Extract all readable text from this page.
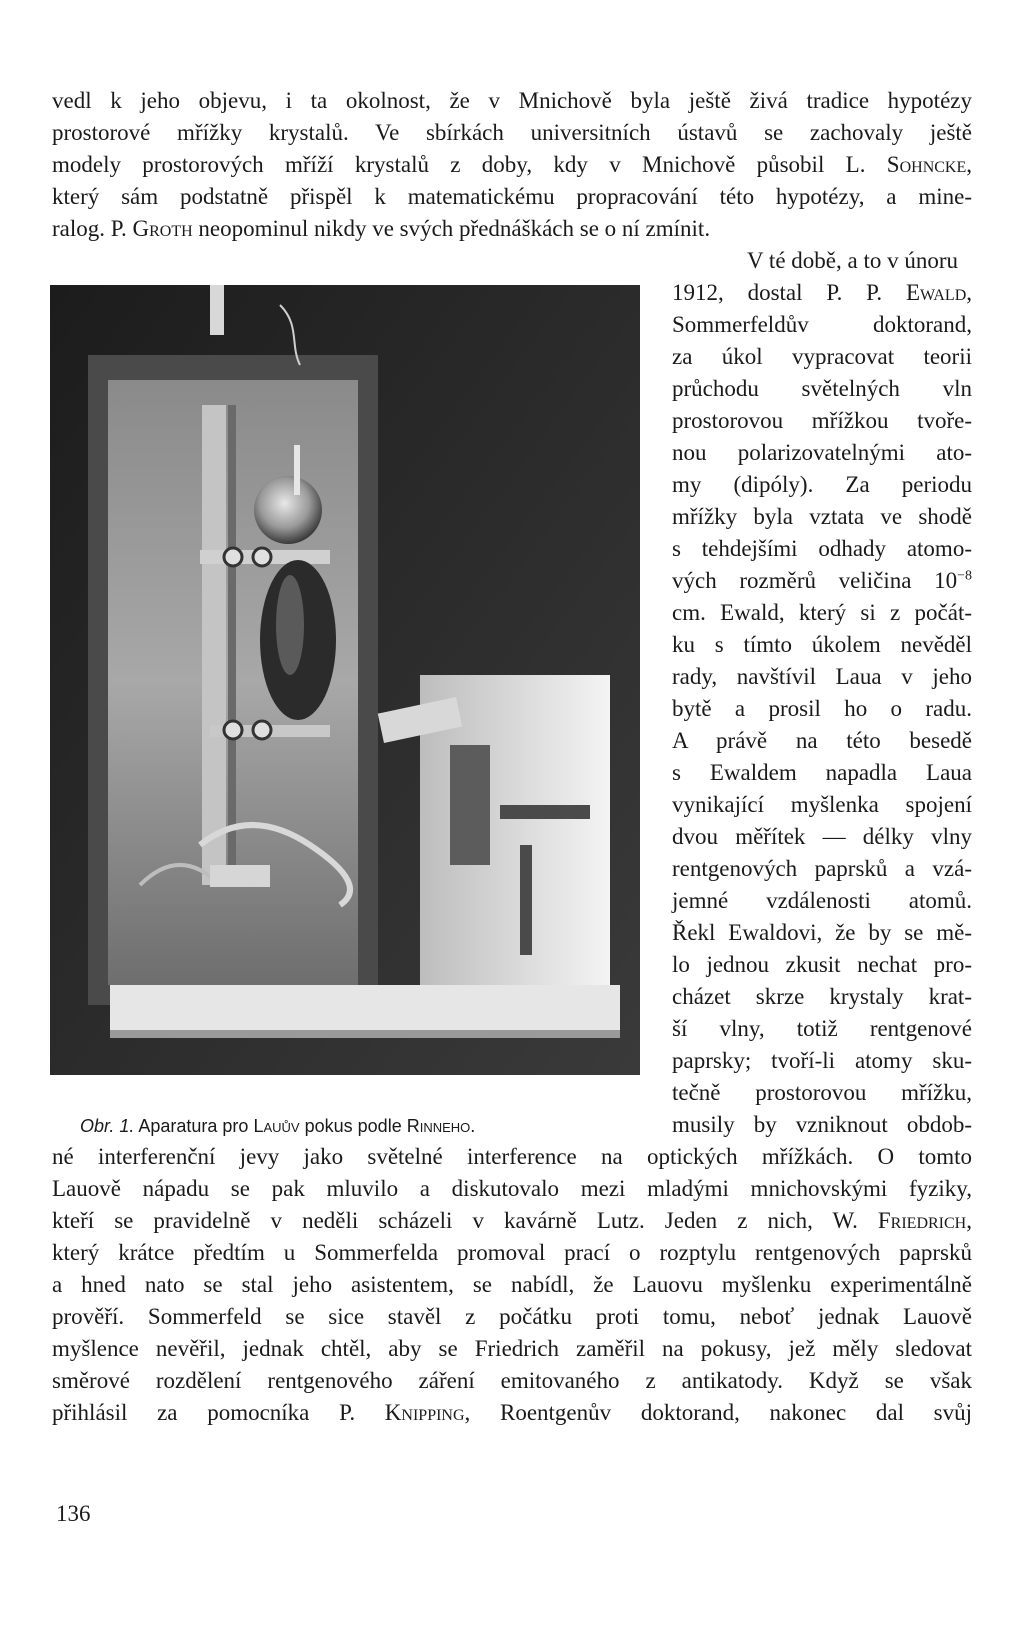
vedl k jeho objevu, i ta okolnost, že v Mnichově byla ještě živá tradice hypotézy
prostorové mřížky krystalů. Ve sbírkách universitních ústavů se zachovaly ještě
modely prostorových mříží krystalů z doby, kdy v Mnichově působil L. Sohncke,
který sám podstatně přispěl k matematickému propracování této hypotézy, a mine-
ralog. P. Groth neopominul nikdy ve svých přednáškách se o ní zmínit.
V té době, a to v únoru
1912, dostal P. P. Ewald,
Sommerfeldův doktorand,
za úkol vypracovat teorii
průchodu světelných vln
prostorovou mřížkou tvoře-
nou polarizovatelnými ato-
my (dipóly). Za periodu
mřížky byla vztata ve shodě
s tehdejšími odhady atomo-
vých rozměrů veličina $10^{-8}$
cm. Ewald, který si z počát-
ku s tímto úkolem nevěděl
rady, navštívil Laua v jeho
bytě a prosil ho o radu.
A právě na této besedě
s Ewaldem napadla Laua
vynikající myšlenka spojení
dvou měřítek — délky vlny
rentgenových paprsků a vzá-
jemné vzdálenosti atomů.
Řekl Ewaldovi, že by se mě-
lo jednou zkusit nechat pro-
cházet skrze krystaly krat-
ší vlny, totiž rentgenové
paprsky; tvoří-li atomy sku-
tečně prostorovou mřížku,
musily by vzniknout obdob-
Obr. 1. Aparatura pro Lauův pokus podle Rinneho.
né interferenční jevy jako světelné interference na optických mřížkách. O tomto
Lauově nápadu se pak mluvilo a diskutovalo mezi mladými mnichovskými fyziky,
kteří se pravidelně v neděli scházeli v kavárně Lutz. Jeden z nich, W. Friedrich,
který krátce předtím u Sommerfelda promoval prací o rozptylu rentgenových paprsků
a hned nato se stal jeho asistentem, se nabídl, že Lauovu myšlenku experimentálně
prověří. Sommerfeld se sice stavěl z počátku proti tomu, neboť jednak Lauově
myšlence nevěřil, jednak chtěl, aby se Friedrich zaměřil na pokusy, jež měly sledovat
směrové rozdělení rentgenového záření emitovaného z antikatody. Když se však
přihlásil za pomocníka P. Knipping, Roentgenův doktorand, nakonec dal svůj
136
